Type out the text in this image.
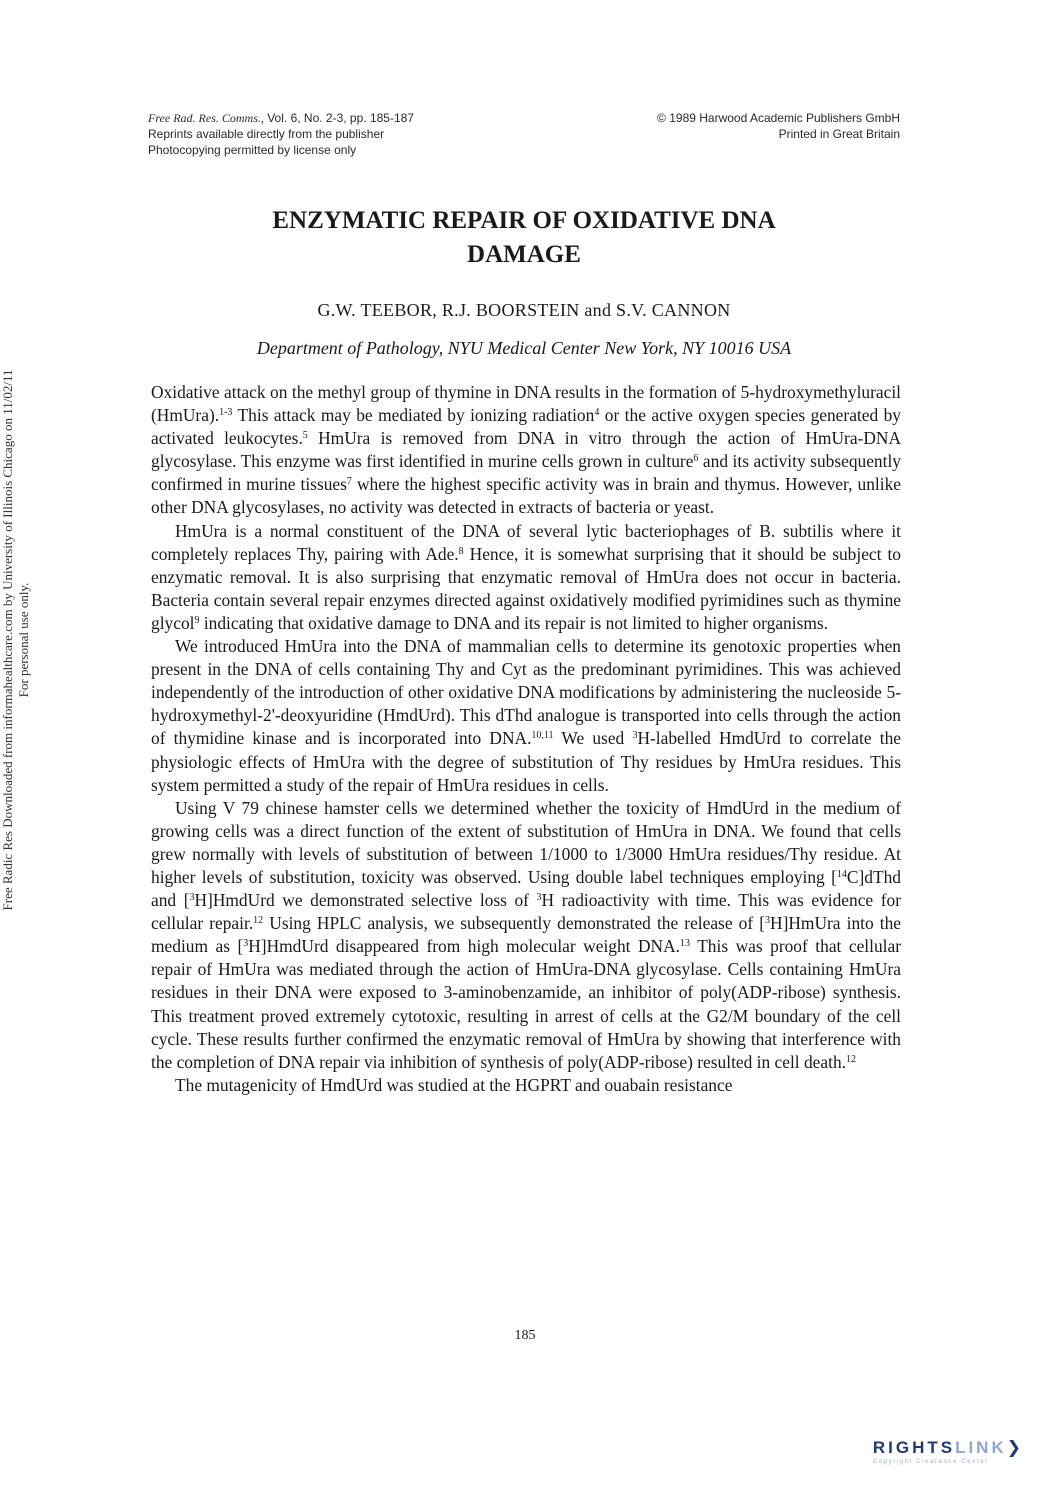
Free Rad. Res. Comms., Vol. 6, No. 2-3, pp. 185-187
Reprints available directly from the publisher
Photocopying permitted by license only
© 1989 Harwood Academic Publishers GmbH
Printed in Great Britain
ENZYMATIC REPAIR OF OXIDATIVE DNA
DAMAGE
G.W. TEEBOR, R.J. BOORSTEIN and S.V. CANNON
Department of Pathology, NYU Medical Center New York, NY 10016 USA

Oxidative attack on the methyl group of thymine in DNA results in the formation of 5-hydroxymethyluracil (HmUra).$^{1-3}$ This attack may be mediated by ionizing radiation$^4$ or the active oxygen species generated by activated leukocytes.$^5$ HmUra is removed from DNA in vitro through the action of HmUra-DNA glycosylase. This enzyme was first identified in murine cells grown in culture$^6$ and its activity subsequently confirmed in murine tissues$^7$ where the highest specific activity was in brain and thymus. However, unlike other DNA glycosylases, no activity was detected in extracts of bacteria or yeast.

HmUra is a normal constituent of the DNA of several lytic bacteriophages of B. subtilis where it completely replaces Thy, pairing with Ade.$^8$ Hence, it is somewhat surprising that it should be subject to enzymatic removal. It is also surprising that enzymatic removal of HmUra does not occur in bacteria. Bacteria contain several repair enzymes directed against oxidatively modified pyrimidines such as thymine glycol$^9$ indicating that oxidative damage to DNA and its repair is not limited to higher organisms.

We introduced HmUra into the DNA of mammalian cells to determine its genotoxic properties when present in the DNA of cells containing Thy and Cyt as the predominant pyrimidines. This was achieved independently of the introduction of other oxidative DNA modifications by administering the nucleoside 5-hydroxymethyl-2'-deoxyuridine (HmdUrd). This dThd analogue is transported into cells through the action of thymidine kinase and is incorporated into DNA.$^{10,11}$ We used $^3$H-labelled HmdUrd to correlate the physiologic effects of HmUra with the degree of substitution of Thy residues by HmUra residues. This system permitted a study of the repair of HmUra residues in cells.

Using V 79 chinese hamster cells we determined whether the toxicity of HmdUrd in the medium of growing cells was a direct function of the extent of substitution of HmUra in DNA. We found that cells grew normally with levels of substitution of between 1/1000 to 1/3000 HmUra residues/Thy residue. At higher levels of substitution, toxicity was observed. Using double label techniques employing [$^{14}$C]dThd and [$^3$H]HmdUrd we demonstrated selective loss of $^3$H radioactivity with time. This was evidence for cellular repair.$^{12}$ Using HPLC analysis, we subsequently demonstrated the release of [$^3$H]HmUra into the medium as [$^3$H]HmdUrd disappeared from high molecular weight DNA.$^{13}$ This was proof that cellular repair of HmUra was mediated through the action of HmUra-DNA glycosylase. Cells containing HmUra residues in their DNA were exposed to 3-aminobenzamide, an inhibitor of poly(ADP-ribose) synthesis. This treatment proved extremely cytotoxic, resulting in arrest of cells at the G2/M boundary of the cell cycle. These results further confirmed the enzymatic removal of HmUra by showing that interference with the completion of DNA repair via inhibition of synthesis of poly(ADP-ribose) resulted in cell death.$^{12}$

The mutagenicity of HmdUrd was studied at the HGPRT and ouabain resistance

185
Free Radic Res Downloaded from informahealthcare.com by University of Illinois Chicago on 11/02/11 For personal use only.
RIGHTSLINK❯
Copyright Clearance Center
